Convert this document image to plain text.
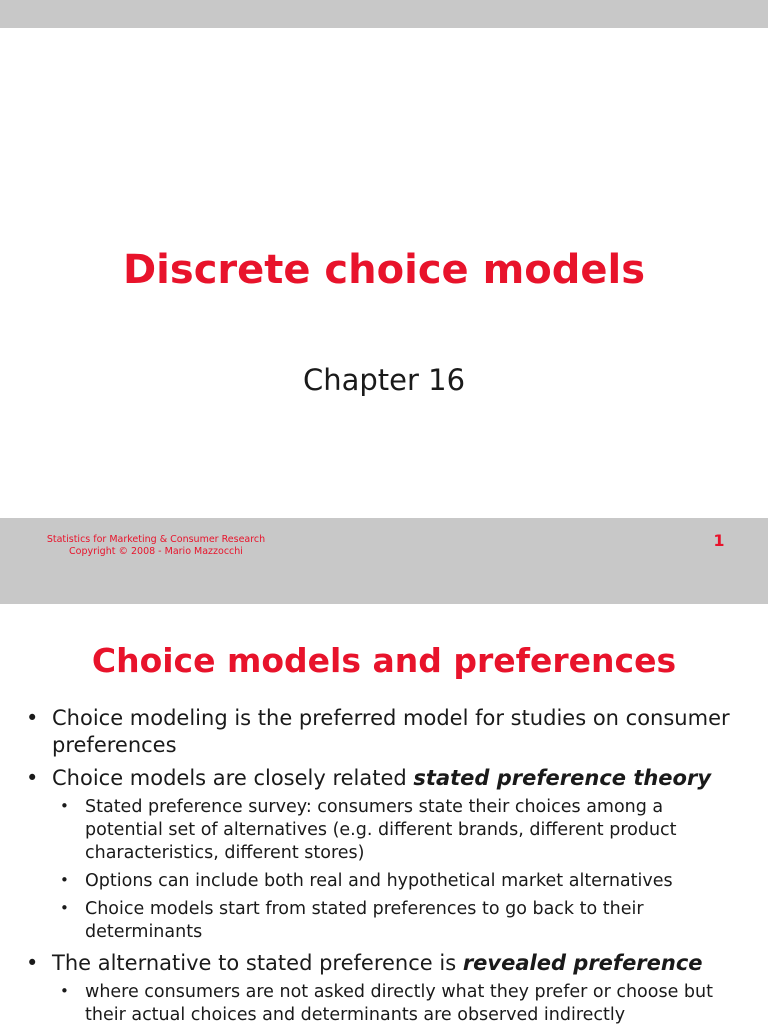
Discrete choice models
Chapter 16
Statistics for Marketing & Consumer Research
Copyright © 2008 - Mario Mazzocchi
1
Choice models and preferences
• Choice modeling is the preferred model for studies on consumer preferences
• Choice models are closely related stated preference theory
• Stated preference survey: consumers state their choices among a potential set of alternatives (e.g. different brands, different product characteristics, different stores)
• Options can include both real and hypothetical market alternatives
• Choice models start from stated preferences to go back to their determinants
• The alternative to stated preference is revealed preference
• where consumers are not asked directly what they prefer or choose but their actual choices and determinants are observed indirectly
